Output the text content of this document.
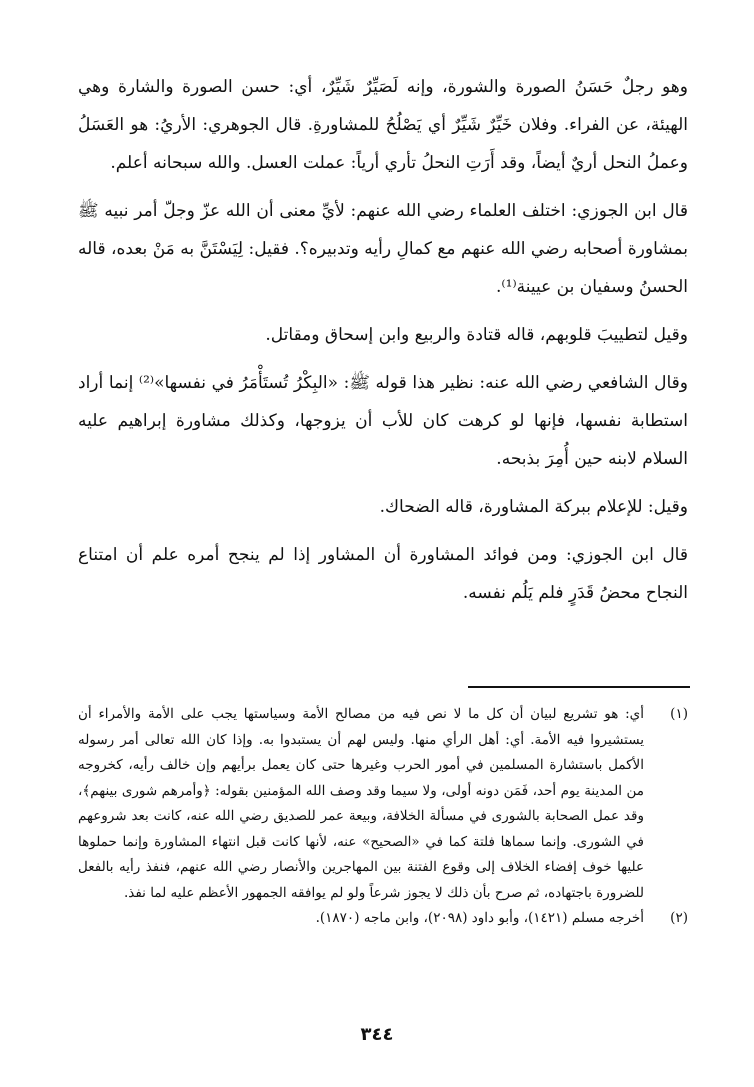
وهو رجلٌ حَسَنُ الصورة والشورة، وإنه لَصَيِّرٌ شَيِّرٌ، أي: حسن الصورة والشارة وهي الهيئة، عن الفراء. وفلان خَيِّرٌ شَيِّرٌ أي يَصْلُحُ للمشاورةِ. قال الجوهري: الأريُ: هو العَسَلُ وعملُ النحل أريٌ أيضاً، وقد أَرَتِ النحلُ تأري أرياً: عملت العسل. والله سبحانه أعلم.

قال ابن الجوزي: اختلف العلماء رضي الله عنهم: لأيِّ معنى أن الله عزّ وجلّ أمر نبيه ﷺ بمشاورة أصحابه رضي الله عنهم مع كمالِ رأيه وتدبيره؟. فقيل: لِيَسْتَنَّ به مَنْ بعده، قاله الحسنُ وسفيان بن عيينة⁽¹⁾.

وقيل لتطييبَ قلوبهم، قاله قتادة والربيع وابن إسحاق ومقاتل.

وقال الشافعي رضي الله عنه: نظير هذا قوله ﷺ: «البِكْرُ تُستَأْمَرُ في نفسها»⁽²⁾ إنما أراد استطابة نفسها، فإنها لو كرهت كان للأب أن يزوجها، وكذلك مشاورة إبراهيم عليه السلام لابنه حين أُمِرَ بذبحه.

وقيل: للإعلام ببركة المشاورة، قاله الضحاك.

قال ابن الجوزي: ومن فوائد المشاورة أن المشاور إذا لم ينجح أمره علم أن امتناع النجاح محضُ قَدَرٍ فلم يَلُم نفسه.

(١)
أي: هو تشريع لبيان أن كل ما لا نص فيه من مصالح الأمة وسياستها يجب على الأمة والأمراء أن يستشيروا فيه الأمة. أي: أهل الرأي منها. وليس لهم أن يستبدوا به. وإذا كان الله تعالى أمر رسوله الأكمل باستشارة المسلمين في أمور الحرب وغيرها حتى كان يعمل برأيهم وإن خالف رأيه، كخروجه من المدينة يوم أحد، فَمَن دونه أولى، ولا سيما وقد وصف الله المؤمنين بقوله: ﴿وأمرهم شورى بينهم﴾، وقد عمل الصحابة بالشورى في مسألة الخلافة، وبيعة عمر للصديق رضي الله عنه، كانت بعد شروعهم في الشورى. وإنما سماها فلتة كما في «الصحيح» عنه، لأنها كانت قبل انتهاء المشاورة وإنما حملوها عليها خوف إفضاء الخلاف إلى وقوع الفتنة بين المهاجرين والأنصار رضي الله عنهم، فنفذ رأيه بالفعل للضرورة باجتهاده، ثم صرح بأن ذلك لا يجوز شرعاً ولو لم يوافقه الجمهور الأعظم عليه لما نفذ.
(٢)
أخرجه مسلم (١٤٢١)، وأبو داود (٢٠٩٨)، وابن ماجه (١٨٧٠).
٣٤٤
